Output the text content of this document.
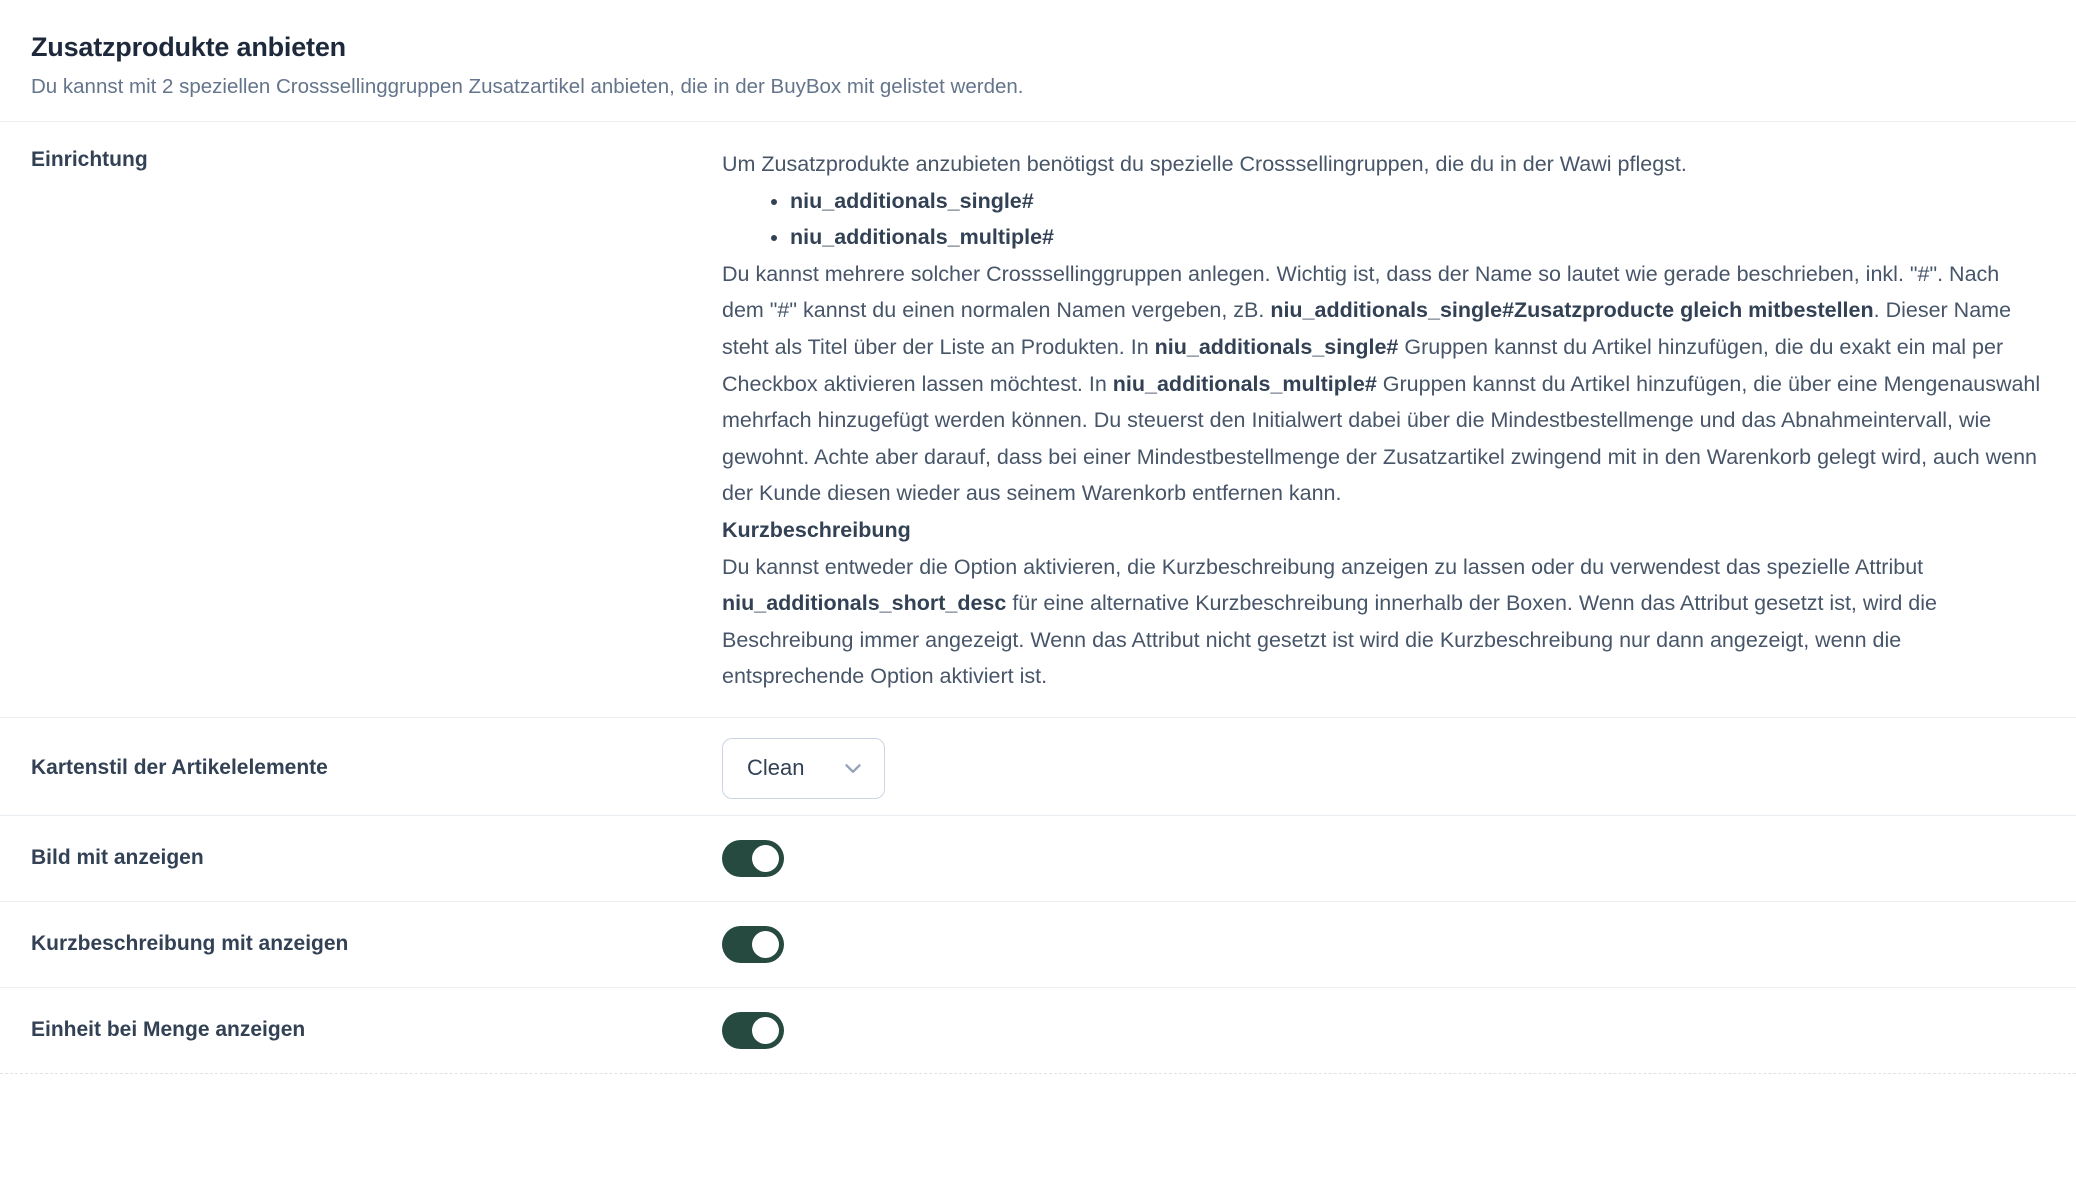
Zusatzprodukte anbieten
Du kannst mit 2 speziellen Crosssellinggruppen Zusatzartikel anbieten, die in der BuyBox mit gelistet werden.
Einrichtung	Um Zusatzprodukte anzubieten benötigst du spezielle Crosssellingruppen, die du in der Wawi pflegst.

• niu_additionals_single#
• niu_additionals_multiple#

Du kannst mehrere solcher Crosssellinggruppen anlegen. Wichtig ist, dass der Name so lautet wie gerade beschrieben, inkl. "#". Nach dem "#" kannst du einen normalen Namen vergeben, zB. niu_additionals_single#Zusatzproducte gleich mitbestellen. Dieser Name steht als Titel über der Liste an Produkten. In niu_additionals_single# Gruppen kannst du Artikel hinzufügen, die du exakt ein mal per Checkbox aktivieren lassen möchtest. In niu_additionals_multiple# Gruppen kannst du Artikel hinzufügen, die über eine Mengenauswahl mehrfach hinzugefügt werden können. Du steuerst den Initialwert dabei über die Mindestbestellmenge und das Abnahmeintervall, wie gewohnt. Achte aber darauf, dass bei einer Mindestbestellmenge der Zusatzartikel zwingend mit in den Warenkorb gelegt wird, auch wenn der Kunde diesen wieder aus seinem Warenkorb entfernen kann.

Kurzbeschreibung

Du kannst entweder die Option aktivieren, die Kurzbeschreibung anzeigen zu lassen oder du verwendest das spezielle Attribut niu_additionals_short_desc für eine alternative Kurzbeschreibung innerhalb der Boxen. Wenn das Attribut gesetzt ist, wird die Beschreibung immer angezeigt. Wenn das Attribut nicht gesetzt ist wird die Kurzbeschreibung nur dann angezeigt, wenn die entsprechende Option aktiviert ist.

Kartenstil der Artikelelemente	Clean
Bild mit anzeigen
Kurzbeschreibung mit anzeigen
Einheit bei Menge anzeigen
